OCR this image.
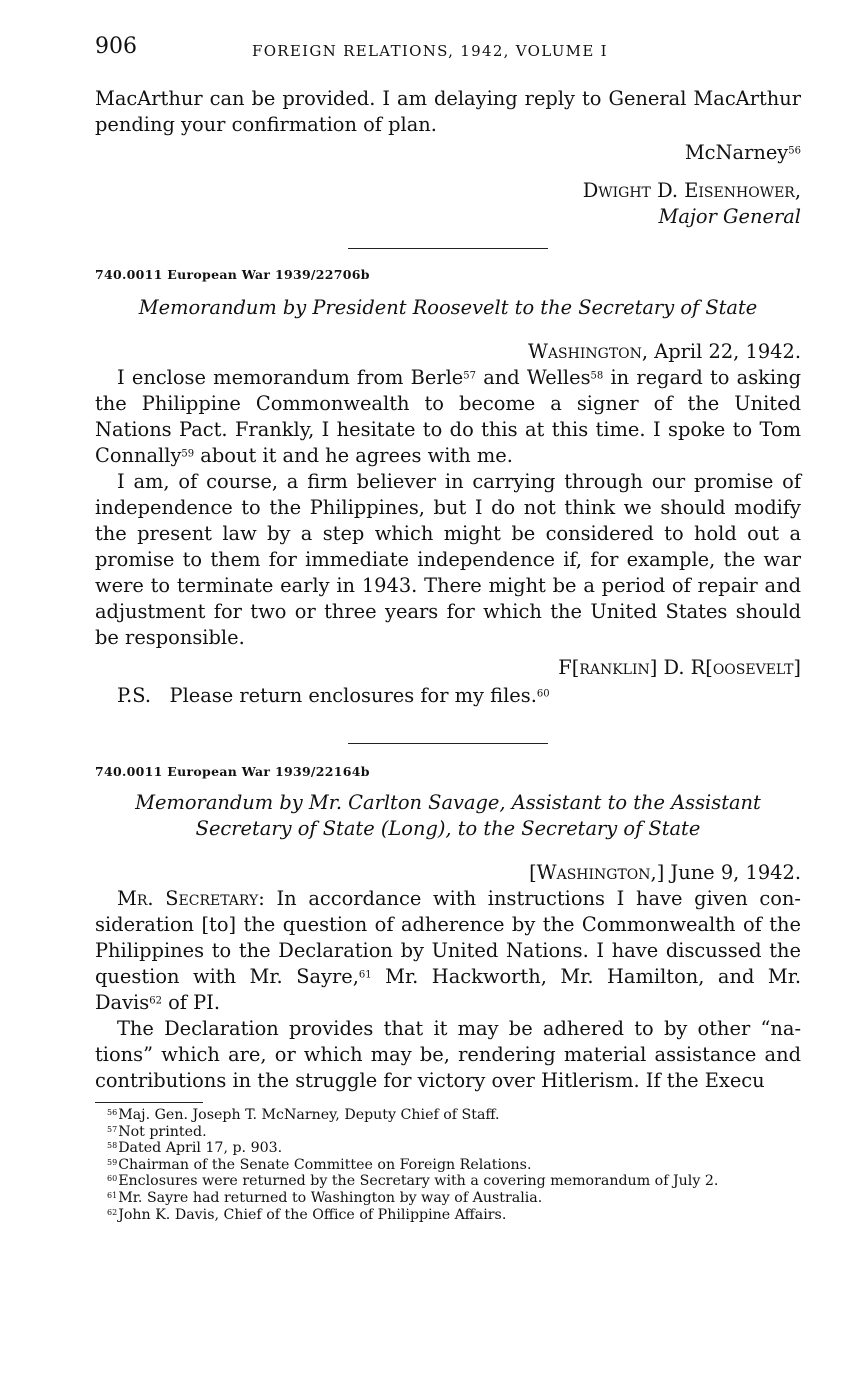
906	FOREIGN RELATIONS, 1942, VOLUME I

MacArthur can be provided. I am delaying reply to General MacArthur pending your confirmation of plan.

McNarney$^{56}$

Dwight D. Eisenhower,

Major General

740.0011 European War 1939/22706b
Memorandum by President Roosevelt to the Secretary of State

Washington, April 22, 1942.

I enclose memorandum from Berle$^{57}$ and Welles$^{58}$ in regard to asking the Philippine Commonwealth to become a signer of the United Nations Pact. Frankly, I hesitate to do this at this time. I spoke to Tom Connally$^{59}$ about it and he agrees with me.

I am, of course, a firm believer in carrying through our promise of independence to the Philippines, but I do not think we should modify the present law by a step which might be considered to hold out a promise to them for immediate independence if, for example, the war were to terminate early in 1943. There might be a period of repair and adjustment for two or three years for which the United States should be responsible.

F[ranklin] D. R[oosevelt]

P.S.   Please return enclosures for my files.$^{60}$

740.0011 European War 1939/22164b
Memorandum by Mr. Carlton Savage, Assistant to the Assistant
Secretary of State (Long), to the Secretary of State

[Washington,] June 9, 1942.

Mr. Secretary: In accordance with instructions I have given consideration [to] the question of adherence by the Commonwealth of the Philippines to the Declaration by United Nations. I have discussed the question with Mr. Sayre,$^{61}$ Mr. Hackworth, Mr. Hamilton, and Mr. Davis$^{62}$ of PI.

The Declaration provides that it may be adhered to by other “nations” which are, or which may be, rendering material assistance and contributions in the struggle for victory over Hitlerism. If the Execu

$^{56}$Maj. Gen. Joseph T. McNarney, Deputy Chief of Staff.

$^{57}$Not printed.

$^{58}$Dated April 17, p. 903.

$^{59}$Chairman of the Senate Committee on Foreign Relations.

$^{60}$Enclosures were returned by the Secretary with a covering memorandum of July 2.

$^{61}$Mr. Sayre had returned to Washington by way of Australia.

$^{62}$John K. Davis, Chief of the Office of Philippine Affairs.
